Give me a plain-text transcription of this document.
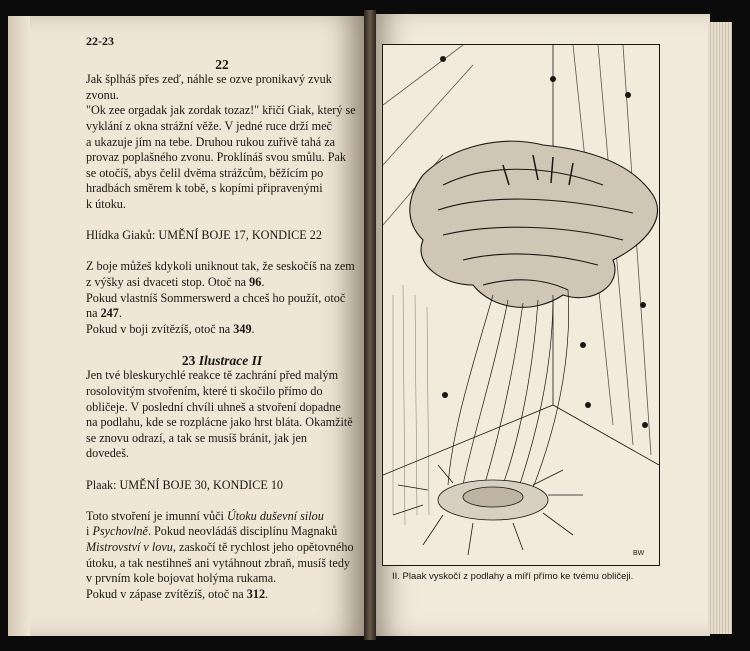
22-23
22

Jak šplháš přes zeď, náhle se ozve pronikavý zvuk

zvonu.

"Ok zee orgadak jak zordak tozaz!" křičí Giak, který se

vyklání z okna strážní věže. V jedné ruce drží meč

a ukazuje jím na tebe. Druhou rukou zuřivě tahá za

provaz poplašného zvonu. Proklínáš svou smůlu. Pak

se otočíš, abys čelil dvěma strážcům, běžícím po

hradbách směrem k tobě, s kopími připravenými

k útoku.

Hlídka Giaků: UMĚNÍ BOJE 17, KONDICE 22

Z boje můžeš kdykoli uniknout tak, že seskočíš na zem

z výšky asi dvaceti stop. Otoč na 96.

Pokud vlastníš Sommerswerd a chceš ho použít, otoč

na 247.

Pokud v boji zvítězíš, otoč na 349.

23 Ilustrace II

Jen tvé bleskurychlé reakce tě zachrání před malým

rosolovitým stvořením, které ti skočilo přímo do

obličeje. V poslední chvíli uhneš a stvoření dopadne

na podlahu, kde se rozplácne jako hrst bláta. Okamžitě

se znovu odrazí, a tak se musíš bránit, jak jen

dovedeš.

Plaak: UMĚNÍ BOJE 30, KONDICE 10

Toto stvoření je imunní vůči Útoku duševní silou

i Psychovlně. Pokud neovládáš disciplínu Magnaků

Mistrovství v lovu, zaskočí tě rychlost jeho opětovného

útoku, a tak nestihneš ani vytáhnout zbraň, musíš tedy

v prvním kole bojovat holýma rukama.

Pokud v zápase zvítězíš, otoč na 312.

BW
II. Plaak vyskočí z podlahy a míří přímo ke tvému obličeji.
